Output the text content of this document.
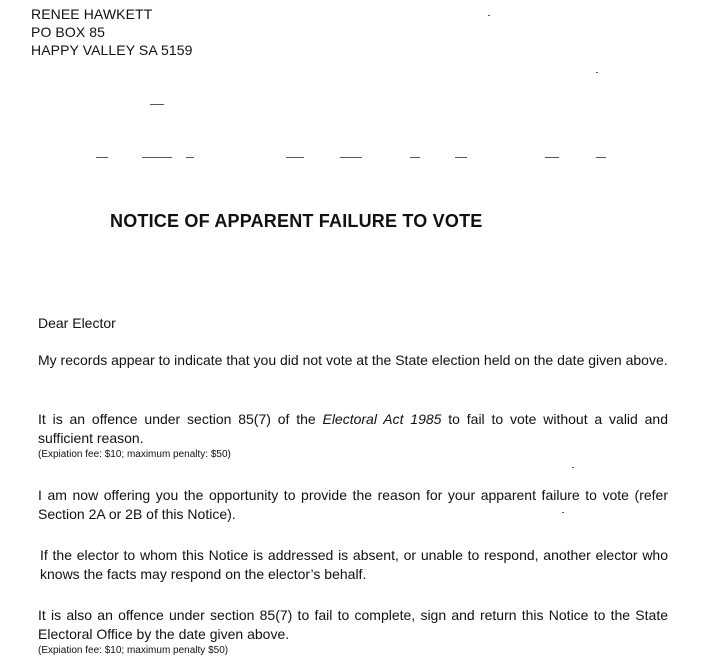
RENEE HAWKETT
PO BOX 85
HAPPY VALLEY SA 5159
NOTICE OF APPARENT FAILURE TO VOTE
Dear Elector
My records appear to indicate that you did not vote at the State election held on the date given above.
It is an offence under section 85(7) of the Electoral Act 1985 to fail to vote without a valid and sufficient reason.
(Expiation fee: $10; maximum penalty: $50)
I am now offering you the opportunity to provide the reason for your apparent failure to vote (refer Section 2A or 2B of this Notice).
If the elector to whom this Notice is addressed is absent, or unable to respond, another elector who knows the facts may respond on the elector’s behalf.
It is also an offence under section 85(7) to fail to complete, sign and return this Notice to the State Electoral Office by the date given above.
(Expiation fee: $10; maximum penalty $50)
